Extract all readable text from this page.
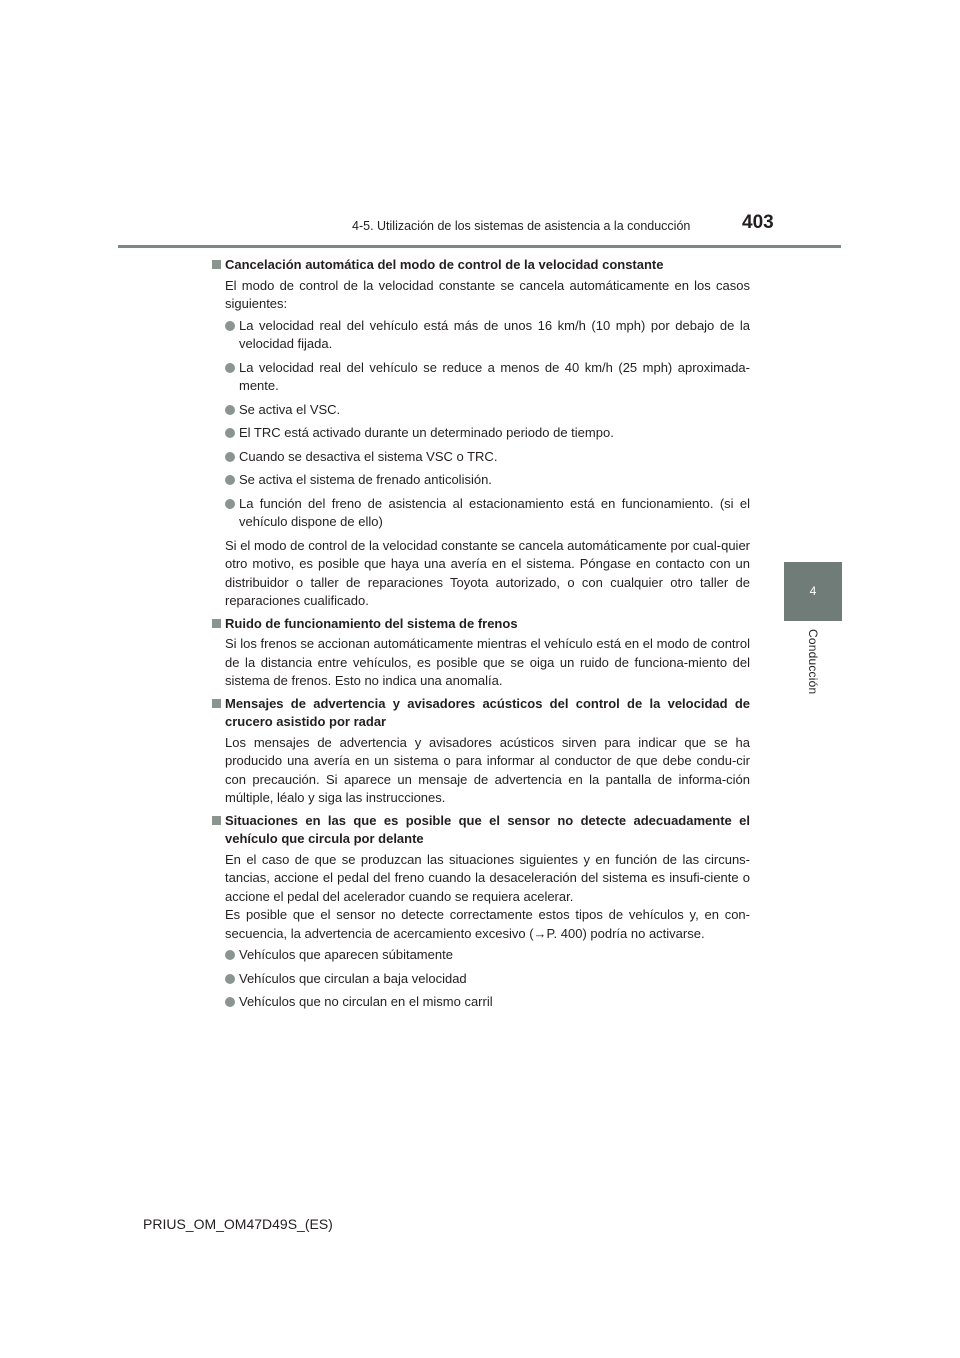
4-5. Utilización de los sistemas de asistencia a la conducción	403
4
Conducción
Cancelación automática del modo de control de la velocidad constante
El modo de control de la velocidad constante se cancela automáticamente en los casos siguientes:
La velocidad real del vehículo está más de unos 16 km/h (10 mph) por debajo de la velocidad fijada.
La velocidad real del vehículo se reduce a menos de 40 km/h (25 mph) aproximada-mente.
Se activa el VSC.
El TRC está activado durante un determinado periodo de tiempo.
Cuando se desactiva el sistema VSC o TRC.
Se activa el sistema de frenado anticolisión.
La función del freno de asistencia al estacionamiento está en funcionamiento. (si el vehículo dispone de ello)
Si el modo de control de la velocidad constante se cancela automáticamente por cual-quier otro motivo, es posible que haya una avería en el sistema. Póngase en contacto con un distribuidor o taller de reparaciones Toyota autorizado, o con cualquier otro taller de reparaciones cualificado.
Ruido de funcionamiento del sistema de frenos
Si los frenos se accionan automáticamente mientras el vehículo está en el modo de control de la distancia entre vehículos, es posible que se oiga un ruido de funciona-miento del sistema de frenos. Esto no indica una anomalía.
Mensajes de advertencia y avisadores acústicos del control de la velocidad de crucero asistido por radar
Los mensajes de advertencia y avisadores acústicos sirven para indicar que se ha producido una avería en un sistema o para informar al conductor de que debe condu-cir con precaución. Si aparece un mensaje de advertencia en la pantalla de informa-ción múltiple, léalo y siga las instrucciones.
Situaciones en las que es posible que el sensor no detecte adecuadamente el vehículo que circula por delante
En el caso de que se produzcan las situaciones siguientes y en función de las circuns-tancias, accione el pedal del freno cuando la desaceleración del sistema es insufi-ciente o accione el pedal del acelerador cuando se requiera acelerar.
Es posible que el sensor no detecte correctamente estos tipos de vehículos y, en con-secuencia, la advertencia de acercamiento excesivo (→P. 400) podría no activarse.
Vehículos que aparecen súbitamente
Vehículos que circulan a baja velocidad
Vehículos que no circulan en el mismo carril
PRIUS_OM_OM47D49S_(ES)
